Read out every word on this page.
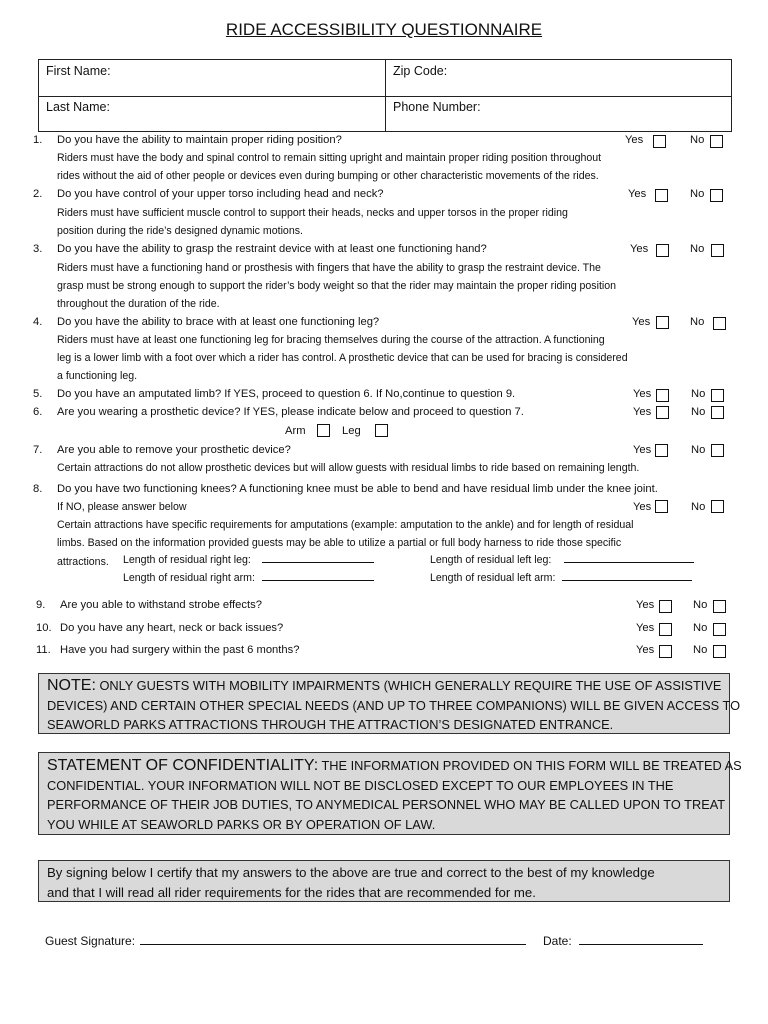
RIDE ACCESSIBILITY QUESTIONNAIRE
First Name:	Zip Code:
Last Name:	Phone Number:
1. Do you have the ability to maintain proper riding position?
Riders must have the body and spinal control to remain sitting upright and maintain proper riding position throughout
rides without the aid of other people or devices even during bumping or other characteristic movements of the rides.
Yes	No
2. Do you have control of your upper torso including head and neck?
Riders must have sufficient muscle control to support their heads, necks and upper torsos in the proper riding
position during the ride’s designed dynamic motions.
Yes	No
3. Do you have the ability to grasp the restraint device with at least one functioning hand?
Riders must have a functioning hand or prosthesis with fingers that have the ability to grasp the restraint device. The
grasp must be strong enough to support the rider’s body weight so that the rider may maintain the proper riding position
throughout the duration of the ride.
Yes	No
4. Do you have the ability to brace with at least one functioning leg?
Riders must have at least one functioning leg for bracing themselves during the course of the attraction. A functioning
leg is a lower limb with a foot over which a rider has control. A prosthetic device that can be used for bracing is considered
a functioning leg.
Yes	No
5. Do you have an amputated limb? If YES, proceed to question 6. If No,continue to question 9.	Yes	No
6. Are you wearing a prosthetic device? If YES, please indicate below and proceed to question 7.	Yes	No
Arm	Leg
7. Are you able to remove your prosthetic device?
Certain attractions do not allow prosthetic devices but will allow guests with residual limbs to ride based on remaining length.
Yes	No
8. Do you have two functioning knees? A functioning knee must be able to bend and have residual limb under the knee joint.
If NO, please answer below
Certain attractions have specific requirements for amputations (example: amputation to the ankle) and for length of residual
limbs. Based on the information provided guests may be able to utilize a partial or full body harness to ride those specific
Yes	No
attractions. Length of residual right leg:	Length of residual left leg:
Length of residual right arm:	Length of residual left arm:
9. Are you able to withstand strobe effects?	Yes	No
10. Do you have any heart, neck or back issues?	Yes	No
11. Have you had surgery within the past 6 months?	Yes	No

NOTE: ONLY GUESTS WITH MOBILITY IMPAIRMENTS (WHICH GENERALLY REQUIRE THE USE OF ASSISTIVE

DEVICES) AND CERTAIN OTHER SPECIAL NEEDS (AND UP TO THREE COMPANIONS) WILL BE GIVEN ACCESS TO

SEAWORLD PARKS ATTRACTIONS THROUGH THE ATTRACTION’S DESIGNATED ENTRANCE.

STATEMENT OF CONFIDENTIALITY: THE INFORMATION PROVIDED ON THIS FORM WILL BE TREATED AS

CONFIDENTIAL. YOUR INFORMATION WILL NOT BE DISCLOSED EXCEPT TO OUR EMPLOYEES IN THE

PERFORMANCE OF THEIR JOB DUTIES, TO ANYMEDICAL PERSONNEL WHO MAY BE CALLED UPON TO TREAT

YOU WHILE AT SEAWORLD PARKS OR BY OPERATION OF LAW.

By signing below I certify that my answers to the above are true and correct to the best of my knowledge

and that I will read all rider requirements for the rides that are recommended for me.

Guest Signature:	Date:
